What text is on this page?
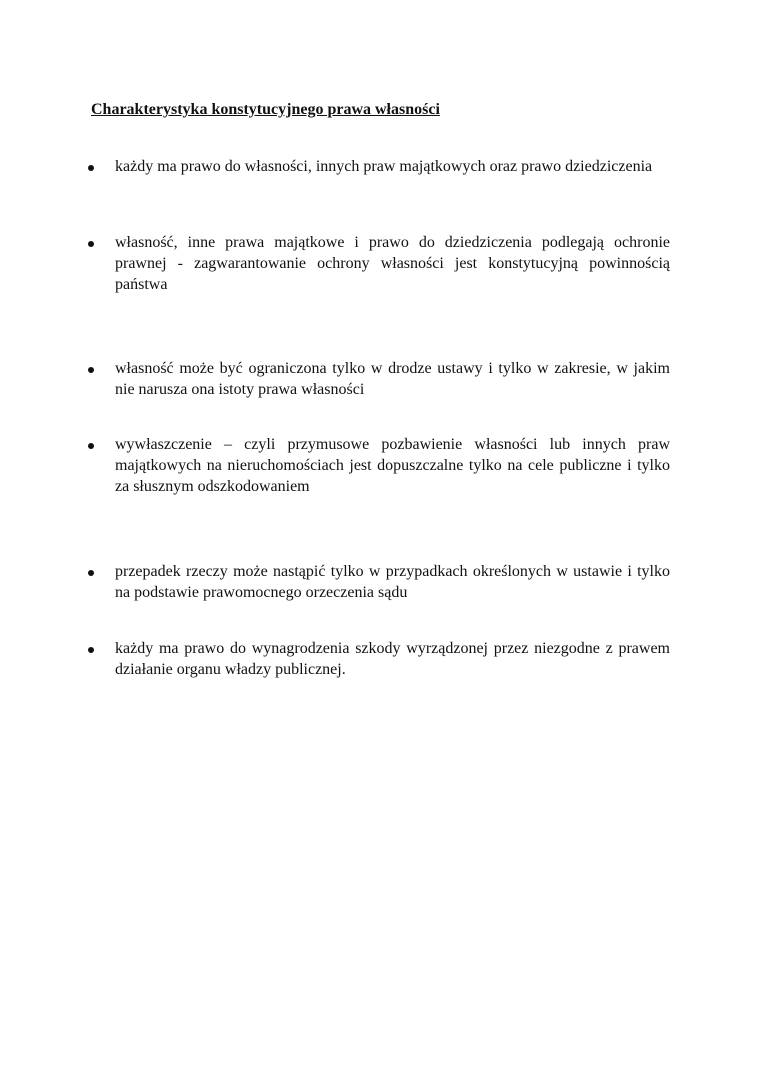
Charakterystyka konstytucyjnego prawa własności
każdy ma prawo do własności, innych praw majątkowych oraz prawo dziedziczenia
własność, inne prawa majątkowe i prawo do dziedziczenia podlegają ochronie prawnej - zagwarantowanie ochrony własności jest konstytucyjną powinnością państwa
własność może być ograniczona tylko w drodze ustawy i tylko w zakresie, w jakim nie narusza ona istoty prawa własności
wywłaszczenie – czyli przymusowe pozbawienie własności lub innych praw majątkowych na nieruchomościach jest dopuszczalne tylko na cele publiczne i tylko za słusznym odszkodowaniem
przepadek rzeczy może nastąpić tylko w przypadkach określonych w ustawie i tylko na podstawie prawomocnego orzeczenia sądu
każdy ma prawo do wynagrodzenia szkody wyrządzonej przez niezgodne z prawem działanie organu władzy publicznej.
